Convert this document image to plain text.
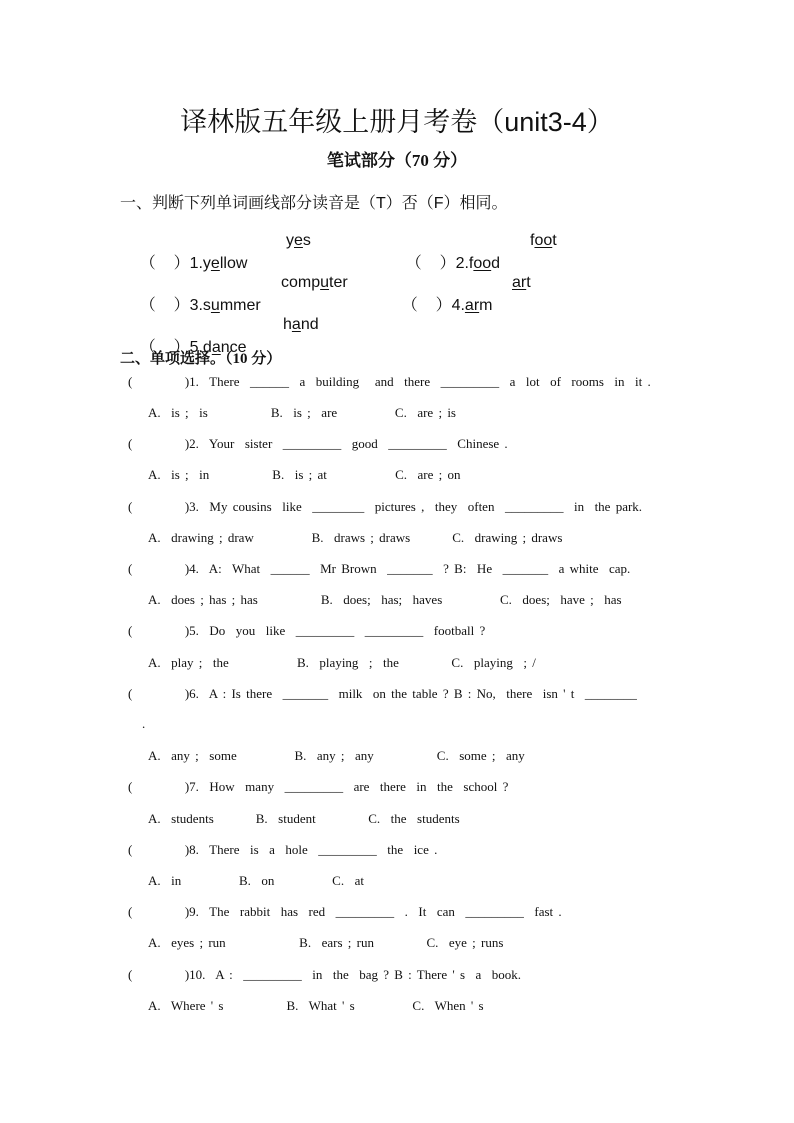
译林版五年级上册月考卷（unit3-4）
笔试部分（70 分）
一、判断下列单词画线部分读音是（T）否（F）相同。

（    ）1.yellow

yes

（    ）2.food

foot

（    ）3.summer

computer

（    ）4.arm

art

（    ）5.dance

hand
二、单项选择。（10 分）
(          )1.  There  ______  a  building   and  there  _________  a  lot  of  rooms  in  it .
A.  is ;  is            B.  is ;  are           C.  are ; is
(          )2.  Your  sister  _________  good  _________  Chinese .
A.  is ;  in            B.  is ; at             C.  are ; on
(          )3.  My cousins  like  ________  pictures ,  they  often  _________  in  the park.
A.  drawing ; draw           B.  draws ; draws        C.  drawing ; draws
(          )4.  A:  What  ______  Mr Brown  _______  ? B:  He  _______  a white  cap.
A.  does ; has ; has            B.  does;  has;  haves           C.  does;  have ;  has
(          )5.  Do  you  like  _________  _________  football ?
A.  play ;  the             B.  playing  ;  the          C.  playing  ; /
(          )6.  A : Is there  _______  milk  on the table ? B : No,  there  isn ' t  ________
.
A.  any ;  some           B.  any ;  any            C.  some ;  any
(          )7.  How  many  _________  are  there  in  the  school ?
A.  students        B.  student          C.  the  students
(          )8.  There  is  a  hole  _________  the  ice .
A.  in           B.  on           C.  at
(          )9.  The  rabbit  has  red  _________  .  It  can  _________  fast .
A.  eyes ; run              B.  ears ; run          C.  eye ; runs
(          )10.  A :  _________  in  the  bag ? B : There ' s  a  book.
A.  Where ' s            B.  What ' s           C.  When ' s
